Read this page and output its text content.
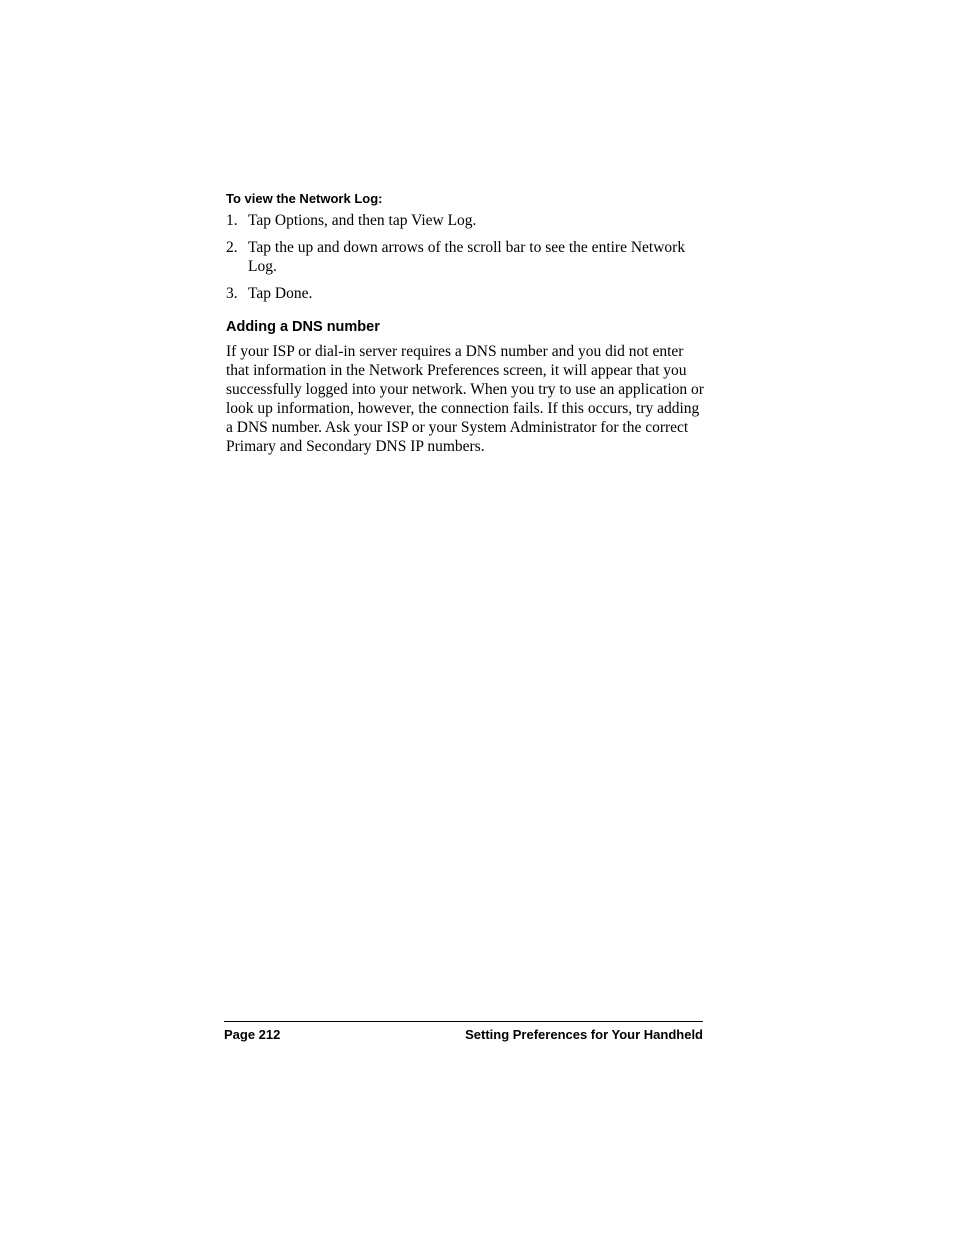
To view the Network Log:
1. Tap Options, and then tap View Log.
2. Tap the up and down arrows of the scroll bar to see the entire Network Log.
3. Tap Done.
Adding a DNS number

If your ISP or dial-in server requires a DNS number and you did not enter that information in the Network Preferences screen, it will appear that you successfully logged into your network. When you try to use an application or look up information, however, the connection fails. If this occurs, try adding a DNS number. Ask your ISP or your System Administrator for the correct Primary and Secondary DNS IP numbers.

Page 212	Setting Preferences for Your Handheld
